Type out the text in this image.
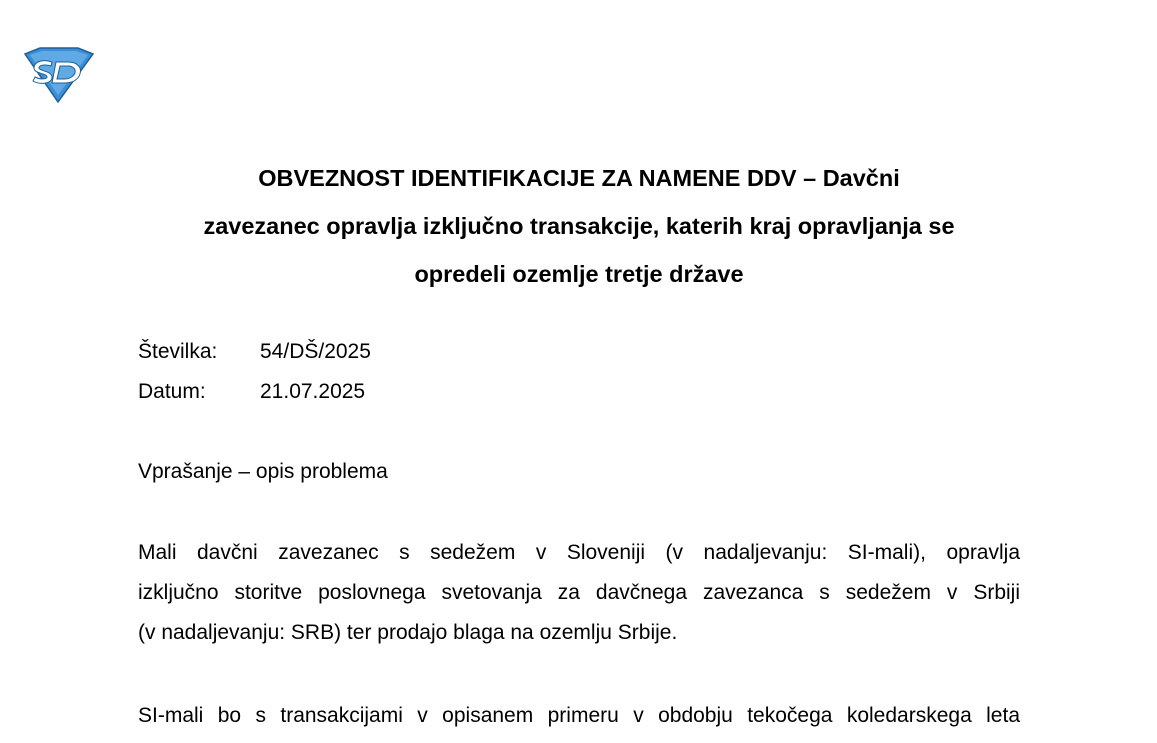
OBVEZNOST IDENTIFIKACIJE ZA NAMENE DDV – Davčni
zavezanec opravlja izključno transakcije, katerih kraj opravljanja se
opredeli ozemlje tretje države
Številka: 54/DŠ/2025
Datum:	21.07.2025
Vprašanje – opis problema
Mali davčni zavezanec s sedežem v Sloveniji (v nadaljevanju: SI-mali), opravlja
izključno storitve poslovnega svetovanja za davčnega zavezanca s sedežem v Srbiji
(v nadaljevanju: SRB) ter prodajo blaga na ozemlju Srbije.
SI-mali bo s transakcijami v opisanem primeru v obdobju tekočega koledarskega leta
